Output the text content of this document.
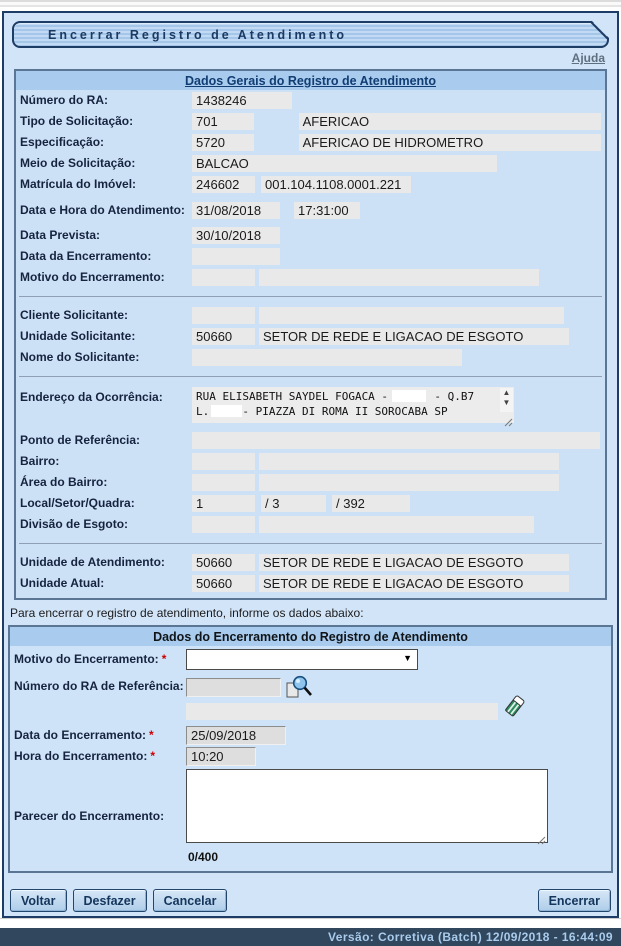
Encerrar Registro de Atendimento
Ajuda
Dados Gerais do Registro de Atendimento
Número do RA:	1438246
Tipo de Solicitação:	701	AFERICAO
Especificação:	5720	AFERICAO DE HIDROMETRO
Meio de Solicitação:	BALCAO
Matrícula do Imóvel:	246602	001.104.1108.0001.221
Data e Hora do Atendimento: 31/08/2018	17:31:00
Data Prevista:	30/10/2018
Data da Encerramento:
Motivo do Encerramento:
Cliente Solicitante:
Unidade Solicitante:	50660	SETOR DE REDE E LIGACAO DE ESGOTO
Nome do Solicitante:
Endereço da Ocorrência:
RUA ELISABETH SAYDEL FOGACA - - Q.B7 L. - PIAZZA DI ROMA II SOROCABA SP	▲
▼
Ponto de Referência:
Bairro:
Área do Bairro:
Local/Setor/Quadra:	1	/ 3	/ 392
Divisão de Esgoto:
Unidade de Atendimento:	50660	SETOR DE REDE E LIGACAO DE ESGOTO
Unidade Atual:	50660	SETOR DE REDE E LIGACAO DE ESGOTO
Para encerrar o registro de atendimento, informe os dados abaixo:
Dados do Encerramento do Registro de Atendimento
Motivo do Encerramento: *
▼
Número do RA de Referência:
Data do Encerramento: *
25/09/2018
Hora do Encerramento: *
10:20
Parecer do Encerramento:
0/400
Voltar	Desfazer	Cancelar	Encerrar
Versão: Corretiva (Batch) 12/09/2018 - 16:44:09
